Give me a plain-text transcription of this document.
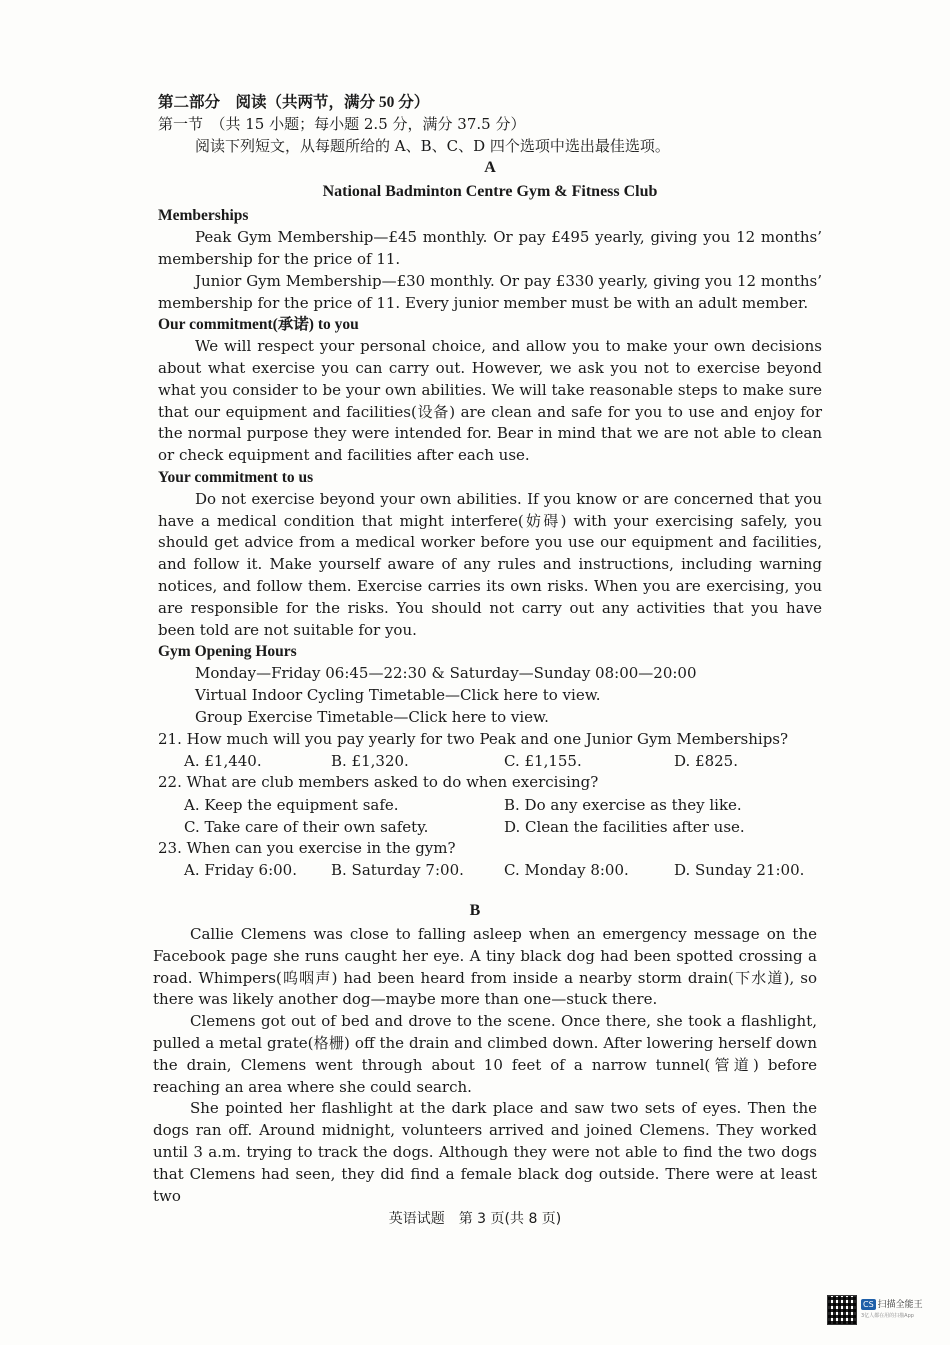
第二部分　阅读（共两节，满分 50 分）
第一节　（共 15 小题；每小题 2.5 分，满分 37.5 分）
阅读下列短文，从每题所给的 A、B、C、D 四个选项中选出最佳选项。
A
National Badminton Centre Gym & Fitness Club
Memberships

Peak Gym Membership—£45 monthly. Or pay £495 yearly, giving you 12 months’ membership for the price of 11.

Junior Gym Membership—£30 monthly. Or pay £330 yearly, giving you 12 months’ membership for the price of 11. Every junior member must be with an adult member.

Our commitment(承诺) to you

We will respect your personal choice, and allow you to make your own decisions about what exercise you can carry out. However, we ask you not to exercise beyond what you consider to be your own abilities. We will take reasonable steps to make sure that our equipment and facilities(设备) are clean and safe for you to use and enjoy for the normal purpose they were intended for. Bear in mind that we are not able to clean or check equipment and facilities after each use.

Your commitment to us

Do not exercise beyond your own abilities. If you know or are concerned that you have a medical condition that might interfere(妨碍) with your exercising safely, you should get advice from a medical worker before you use our equipment and facilities, and follow it. Make yourself aware of any rules and instructions, including warning notices, and follow them. Exercise carries its own risks. When you are exercising, you are responsible for the risks. You should not carry out any activities that you have been told are not suitable for you.

Gym Opening Hours
Monday—Friday 06:45—22:30 & Saturday—Sunday 08:00—20:00
Virtual Indoor Cycling Timetable—Click here to view.
Group Exercise Timetable—Click here to view.
21. How much will you pay yearly for two Peak and one Junior Gym Memberships?
A. £1,440.	B. £1,320.	C. £1,155.	D. £825.
22. What are club members asked to do when exercising?
A. Keep the equipment safe.	B. Do any exercise as they like.
C. Take care of their own safety.	D. Clean the facilities after use.
23. When can you exercise in the gym?
A. Friday 6:00. B. Saturday 7:00.	C. Monday 8:00.	D. Sunday 21:00.
B

Callie Clemens was close to falling asleep when an emergency message on the Facebook page she runs caught her eye. A tiny black dog had been spotted crossing a road. Whimpers(呜咽声) had been heard from inside a nearby storm drain(下水道), so there was likely another dog—maybe more than one—stuck there.

Clemens got out of bed and drove to the scene. Once there, she took a flashlight, pulled a metal grate(格栅) off the drain and climbed down. After lowering herself down the drain, Clemens went through about 10 feet of a narrow tunnel(管道) before reaching an area where she could search.

She pointed her flashlight at the dark place and saw two sets of eyes. Then the dogs ran off. Around midnight, volunteers arrived and joined Clemens. They worked until 3 a.m. trying to track the dogs. Although they were not able to find the two dogs that Clemens had seen, they did find a female black dog outside. There were at least two

英语试题　第 3 页(共 8 页)
CS 扫描全能王
3亿人都在用的扫描App
